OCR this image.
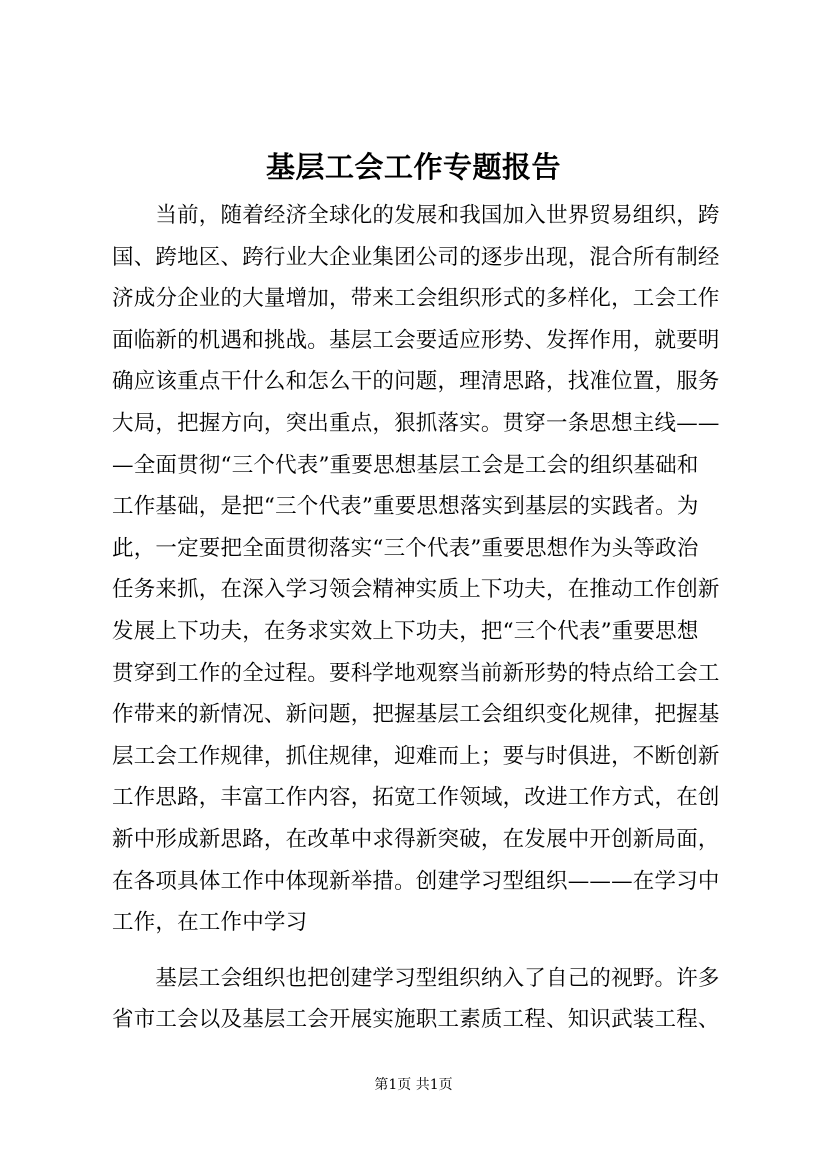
基层工会工作专题报告
　　当前，随着经济全球化的发展和我国加入世界贸易组织，跨
国、跨地区、跨行业大企业集团公司的逐步出现，混合所有制经
济成分企业的大量增加，带来工会组织形式的多样化，工会工作
面临新的机遇和挑战。基层工会要适应形势、发挥作用，就要明
确应该重点干什么和怎么干的问题，理清思路，找准位置，服务
大局，把握方向，突出重点，狠抓落实。贯穿一条思想主线——
—全面贯彻“三个代表”重要思想基层工会是工会的组织基础和
工作基础，是把“三个代表”重要思想落实到基层的实践者。为
此，一定要把全面贯彻落实“三个代表”重要思想作为头等政治
任务来抓，在深入学习领会精神实质上下功夫，在推动工作创新
发展上下功夫，在务求实效上下功夫，把“三个代表”重要思想
贯穿到工作的全过程。要科学地观察当前新形势的特点给工会工
作带来的新情况、新问题，把握基层工会组织变化规律，把握基
层工会工作规律，抓住规律，迎难而上；要与时俱进，不断创新
工作思路，丰富工作内容，拓宽工作领域，改进工作方式，在创
新中形成新思路，在改革中求得新突破，在发展中开创新局面，
在各项具体工作中体现新举措。创建学习型组织———在学习中
工作，在工作中学习
　　基层工会组织也把创建学习型组织纳入了自己的视野。许多
省市工会以及基层工会开展实施职工素质工程、知识武装工程、
第1页 共1页
